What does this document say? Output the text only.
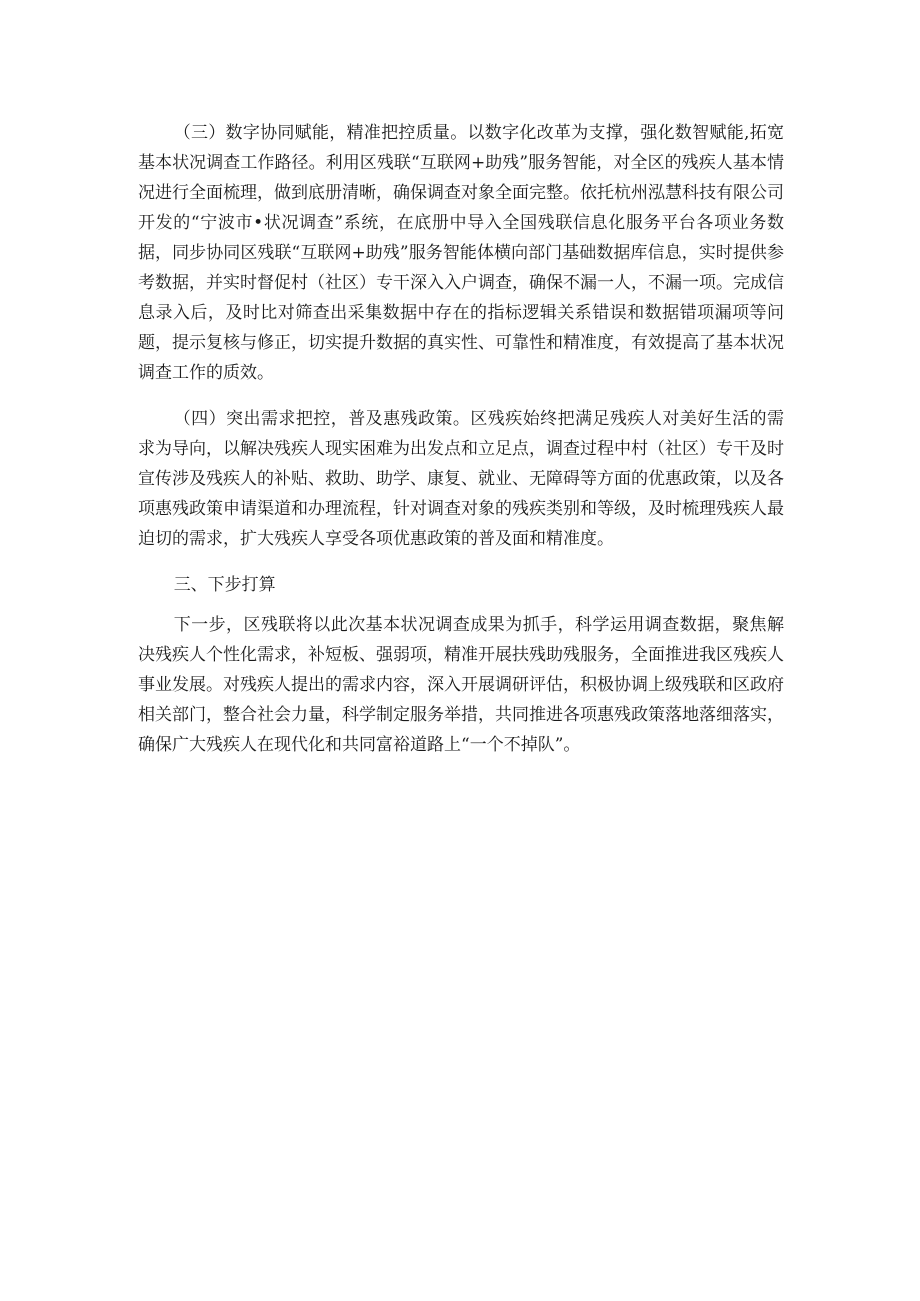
（三）数字协同赋能，精准把控质量。以数字化改革为支撑，强化数智赋能,拓宽基本状况调查工作路径。利用区残联“互联网+助残”服务智能，对全区的残疾人基本情况进行全面梳理，做到底册清晰，确保调查对象全面完整。依托杭州泓慧科技有限公司开发的“宁波市•状况调查”系统，在底册中导入全国残联信息化服务平台各项业务数据，同步协同区残联“互联网+助残”服务智能体横向部门基础数据库信息，实时提供参考数据，并实时督促村（社区）专干深入入户调查，确保不漏一人，不漏一项。完成信息录入后，及时比对筛查出采集数据中存在的指标逻辑关系错误和数据错项漏项等问题，提示复核与修正，切实提升数据的真实性、可靠性和精准度，有效提高了基本状况调查工作的质效。

（四）突出需求把控，普及惠残政策。区残疾始终把满足残疾人对美好生活的需求为导向，以解决残疾人现实困难为出发点和立足点，调查过程中村（社区）专干及时宣传涉及残疾人的补贴、救助、助学、康复、就业、无障碍等方面的优惠政策，以及各项惠残政策申请渠道和办理流程，针对调查对象的残疾类别和等级，及时梳理残疾人最迫切的需求，扩大残疾人享受各项优惠政策的普及面和精准度。

三、下步打算

下一步，区残联将以此次基本状况调查成果为抓手，科学运用调查数据，聚焦解决残疾人个性化需求，补短板、强弱项，精准开展扶残助残服务，全面推进我区残疾人事业发展。对残疾人提出的需求内容，深入开展调研评估，积极协调上级残联和区政府相关部门，整合社会力量，科学制定服务举措，共同推进各项惠残政策落地落细落实，确保广大残疾人在现代化和共同富裕道路上“一个不掉队”。
